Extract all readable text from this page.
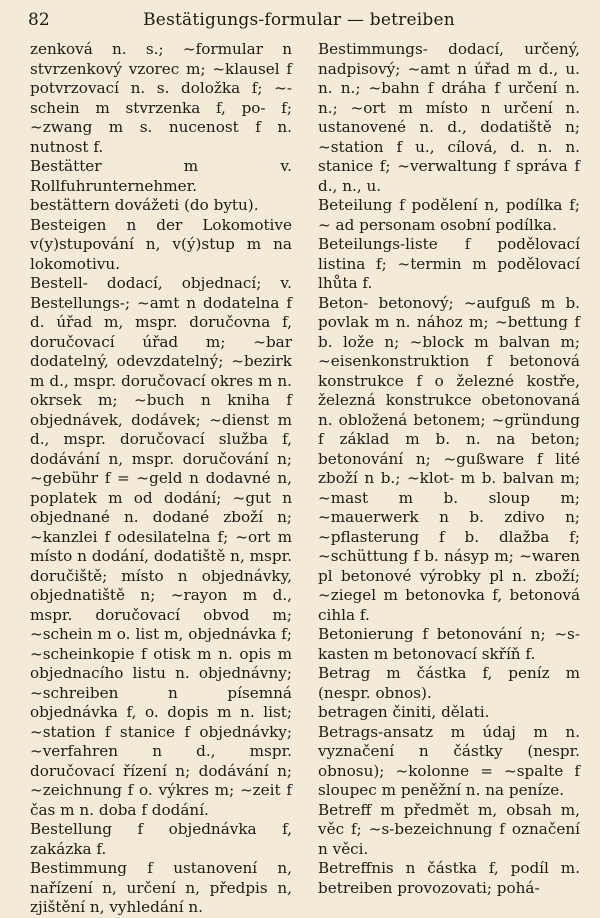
82	Bestätigungs-formular — betreiben

zenková n. s.; ~formular n stvrzenkový vzorec m; ~klausel f potvrzovací n. s. doložka f; ~-schein m stvrzenka f, po- f; ~zwang m s. nucenost f n. nutnost f.

Bestätter m v. Rollfuhrunternehmer.

bestättern dovážeti (do bytu).

Besteigen n der Lokomotive v(y)stupování n, v(ý)stup m na lokomotivu.

Bestell- dodací, objednací; v. Bestellungs-; ~amt n dodatelna f d. úřad m, mspr. doručovna f, doručovací úřad m; ~bar dodatelný, odevzdatelný; ~bezirk m d., mspr. doručovací okres m n. okrsek m; ~buch n kniha f objednávek, dodávek; ~dienst m d., mspr. doručovací služba f, dodávání n, mspr. doručování n; ~gebühr f = ~geld n dodavné n, poplatek m od dodání; ~gut n objednané n. dodané zboží n; ~kanzlei f odesilatelna f; ~ort m místo n dodání, dodatiště n, mspr. doručiště; místo n objednávky, objednatiště n; ~rayon m d., mspr. doručovací obvod m; ~schein m o. list m, objednávka f; ~scheinkopie f otisk m n. opis m objednacího listu n. objednávny; ~schreiben n písemná objednávka f, o. dopis m n. list; ~station f stanice f objednávky; ~verfahren n d., mspr. doručovací řízení n; dodávání n; ~zeichnung f o. výkres m; ~zeit f čas m n. doba f dodání.

Bestellung f objednávka f, zakázka f.

Bestimmung f ustanovení n, nařízení n, určení n, předpis n, zjištění n, vyhledání n.

Bestimmungs- dodací, určený, nadpisový; ~amt n úřad m d., u. n. n.; ~bahn f dráha f určení n. n.; ~ort m místo n určení n. ustanovené n. d., dodatiště n; ~station f u., cílová, d. n. n. stanice f; ~verwaltung f správa f d., n., u.

Beteilung f podělení n, podílka f; ~ ad personam osobní podílka.

Beteilungs-liste f podělovací listina f; ~termin m podělovací lhůta f.

Beton- betonový; ~aufguß m b. povlak m n. nához m; ~bettung f b. lože n; ~block m balvan m; ~eisenkonstruktion f betonová konstrukce f o železné kostře, železná konstrukce obetonovaná n. obložená betonem; ~gründung f základ m b. n. na beton; betonování n; ~gußware f lité zboží n b.; ~klot- m b. balvan m; ~mast m b. sloup m; ~mauerwerk n b. zdivo n; ~pflasterung f b. dlažba f; ~schüttung f b. násyp m; ~waren pl betonové výrobky pl n. zboží; ~ziegel m betonovka f, betonová cihla f.

Betonierung f betonování n; ~s-kasten m betonovací skříň f.

Betrag m částka f, peníz m (nespr. obnos).

betragen činiti, dělati.

Betrags-ansatz m údaj m n. vyznačení n částky (nespr. obnosu); ~kolonne = ~spalte f sloupec m peněžní n. na peníze.

Betreff m předmět m, obsah m, věc f; ~s-bezeichnung f označení n věci.

Betreffnis n částka f, podíl m. betreiben provozovati; pohá-
